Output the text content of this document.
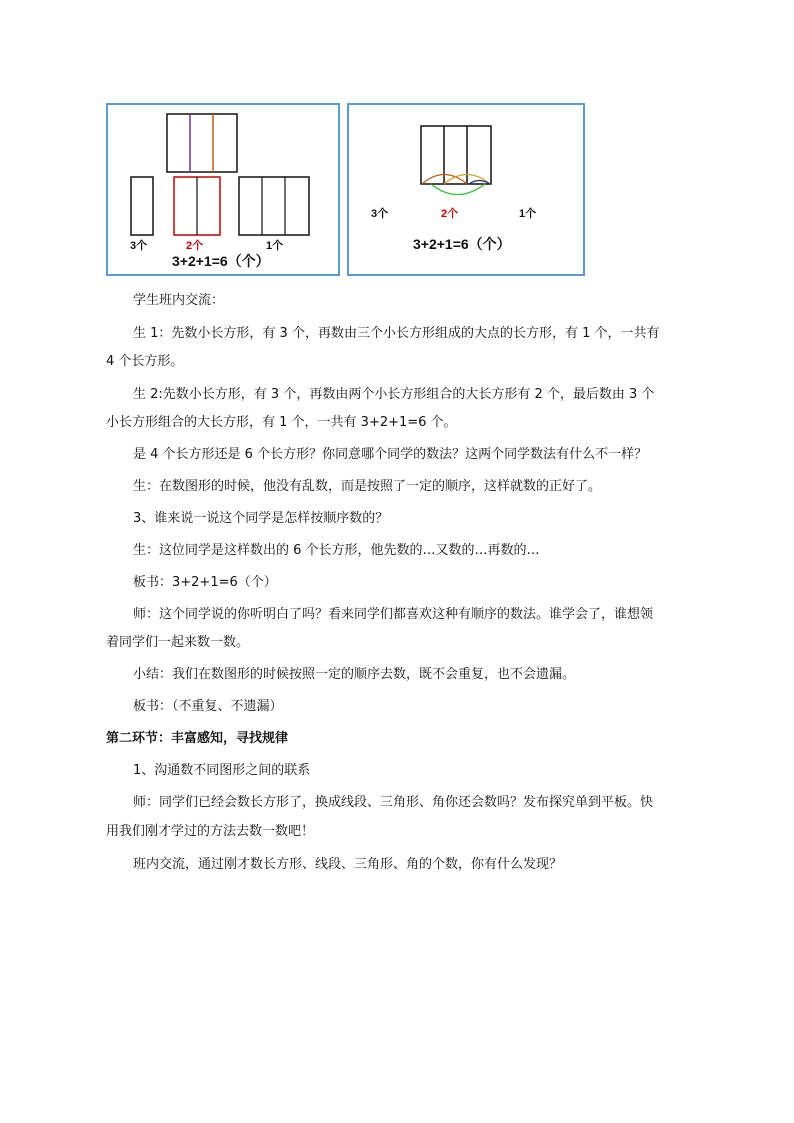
3个	2个	1个
3+2+1=6（个）
3个	2个	1个
3+2+1=6（个）
学生班内交流：
生 1：先数小长方形，有 3 个，再数由三个小长方形组成的大点的长方形，有 1 个，一共有
4 个长方形。
生 2:先数小长方形，有 3 个，再数由两个小长方形组合的大长方形有 2 个，最后数由 3 个
小长方形组合的大长方形，有 1 个，一共有 3+2+1=6 个。
是 4 个长方形还是 6 个长方形？你同意哪个同学的数法？这两个同学数法有什么不一样？
生：在数图形的时候，他没有乱数，而是按照了一定的顺序，这样就数的正好了。
3、谁来说一说这个同学是怎样按顺序数的？
生：这位同学是这样数出的 6 个长方形，他先数的…又数的…再数的…
板书：3+2+1=6（个）
师：这个同学说的你听明白了吗？看来同学们都喜欢这种有顺序的数法。谁学会了，谁想领
着同学们一起来数一数。
小结：我们在数图形的时候按照一定的顺序去数，既不会重复，也不会遗漏。
板书：（不重复、不遗漏）
第二环节：丰富感知，寻找规律
1、沟通数不同图形之间的联系
师：同学们已经会数长方形了，换成线段、三角形、角你还会数吗？发布探究单到平板。快
用我们刚才学过的方法去数一数吧！
班内交流，通过刚才数长方形、线段、三角形、角的个数，你有什么发现？
